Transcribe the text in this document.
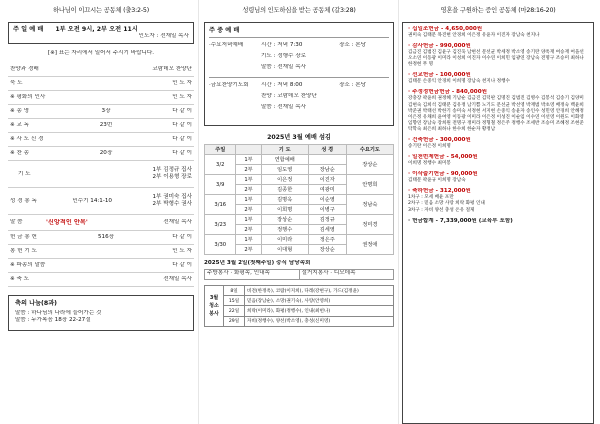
하나님이 이끄시는 공동체 (출3:2-5)
주 일 예 배 1부 오전 9시, 2부 오전 11시
인도자 : 전재일 목사
[※] 표는 자리에서 일어서 주시기 바랍니다.
찬양과 경배	코람데오 찬양단
묵 도	인 도 자
※ 평화의 인사	인 도 자
※ 송 영	3장	다 같 이
※ 교 독	23번	다 같 이
※ 사 도 신 경	다 같 이
※ 찬 송	20장	다 같 이
기 도
1부 김정규 집사
2부 이용형 장로
성 경 봉 독	민수기 14:1-10
1부 권미숙 집사
2부 박형수 권사
말 씀	'신앙적인 안목'	전재일 목사
헌 금 봉 헌	516장	다 같 이
봉 헌 기 도	인 도 자
※ 파송의 말씀	다 같 이
※ 축 도	전재일 목사
축의 나눔(8과)
말씀 : 하나님의 나라에 들어가는 것
말씀 : 누가복음 18장 22-27절
성령님의 인도하심을 받는 공동체 (갈3:28)
주 중 예 배
·수요저녁예배	시간 : 저녁 7:30	장소 : 본당
기도 : 정행수 장로
말씀 : 전재일 목사
·금요찬양기도회	시간 : 저녁 8:00	장소 : 본당
찬양 : 코람데오 찬양단
말씀 : 전재일 목사
2025년 3월 예배 섬김
주일		기 도	성 경	수요기도
3/2	1부	연합예배		장상순
	2부	임도영	장남순	
3/9	1부	이은정	이진자	안명희
	2부	김종한	여광미	
3/16	1부	김명옥	이순영	정남숙
	2부	이희명	이병구	
3/23	1부	장상순	김정규	정미경
	2부	정행수	김세영	
3/30	1부	이미라	정은주	권정애
	2부	이대형	장상순	
2025년 3월 2일(첫째주일) 중식 담당속회
주방봉사 · 화평속, 인내속	설거지봉사 · 디모데속
3월
청소
봉사	8일	비전(한정옥), 코람(이지희), 다레(강현구), 가드(김정윤)
	15일	믿음(장남순), 소망(권기숙), 사랑(안영희)
	22일	희락(이미라), 화평(정행수), 인내(최헌나)
	29일	자비(정행수), 양선(박소영), 충성(신미영)
영혼을 구원하는 증인 공동체 (마28:16-20)
· 십일조헌금 - 4,650,000원
권미숙 김태문 목진현 안경희 이은정 유윤자 이진자 장남숙 천지나
· 감사헌금 - 990,000원
김금진 김범진 김윤구 김진욱 남현선 문선균 박세정 박소영 송기란 양옥재 여승재 여을선 오소연 이동광 이미라 이성희 이진자 이수연 이희민 임광연 장남숙 전명구 조승미 최하나 한정현 무 명
· 선교헌금 - 100,000원
김태문 손중익 안경희 이희명 장남숙 천지나 정행수
· 주정정헌금헌금 - 840,000원
강충장 곽윤희 권정혜 기남순 김금진 김덕판 김명진 김범진 김병수 김봉석 김송기 김양미 김현숙 김희석 김태분 김유정 남기쁨 노기도 문선균 박선영 박재범 박초영 배정숙 백윤희 박준권 박태선 박한기 송미숙 서정현 서지현 손중익 송윤자 송인수 성민영 안경희 안혜정 이은정 유채희 윤여영 이동광 이미라 이은정 이성진 이순임 이수연 이선영 이원도 이화영 임향연 장남숙 장희원 전명구 정미라 정형철 정은주 정행수 조세반 조승미 조혜정 조현준 탁학숙 최은희 최하나 한수희 한순자 황정남
· 건축헌금 - 300,000원
송기란 이은정 이희명
· 일천번제헌금 - 54,000원
이희명 정행수 최미봉
· 이삭줍기헌금 - 90,000원
김태문 곽윤규 이희명 장남숙
· 축하헌금 - 312,000원
1차구 : 모세 배윤 포만
2차구 : 믿음 소망 사랑 희락 화평 인내
3차구 : 자비 양선 충성 온유 절제
· 헌금합계 - 7,339,000원 (교육부 포함)
